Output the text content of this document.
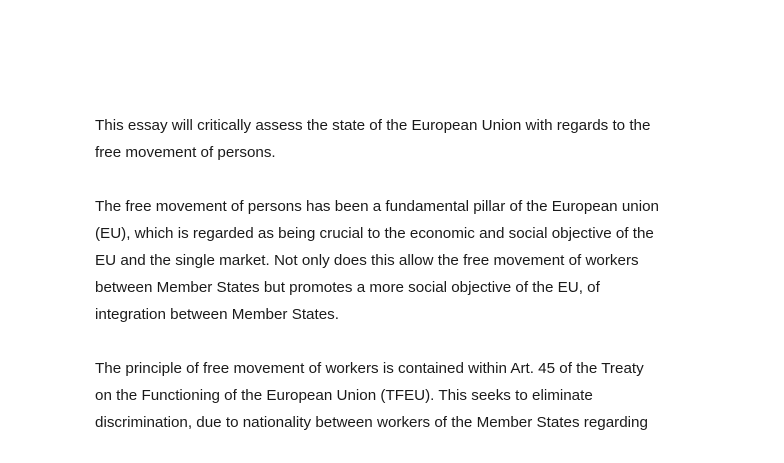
This essay will critically assess the state of the European Union with regards to the
free movement of persons.

The free movement of persons has been a fundamental pillar of the European union
(EU), which is regarded as being crucial to the economic and social objective of the
EU and the single market. Not only does this allow the free movement of workers
between Member States but promotes a more social objective of the EU, of
integration between Member States.

The principle of free movement of workers is contained within Art. 45 of the Treaty
on the Functioning of the European Union (TFEU). This seeks to eliminate
discrimination, due to nationality between workers of the Member States regarding
